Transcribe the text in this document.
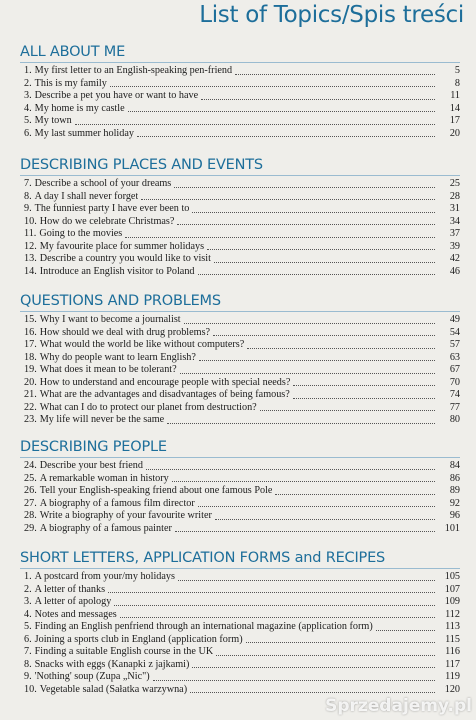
List of Topics/Spis treści
ALL ABOUT ME
1. My first letter to an English-speaking pen-friend	5
2. This is my family	8
3. Describe a pet you have or want to have	11
4. My home is my castle	14
5. My town	17
6. My last summer holiday	20
DESCRIBING PLACES AND EVENTS
7. Describe a school of your dreams	25
8. A day I shall never forget	28
9. The funniest party I have ever been to	31
10. How do we celebrate Christmas?	34
11. Going to the movies	37
12. My favourite place for summer holidays	39
13. Describe a country you would like to visit	42
14. Introduce an English visitor to Poland	46
QUESTIONS AND PROBLEMS
15. Why I want to become a journalist	49
16. How should we deal with drug problems?	54
17. What would the world be like without computers?	57
18. Why do people want to learn English?	63
19. What does it mean to be tolerant?	67
20. How to understand and encourage people with special needs?	70
21. What are the advantages and disadvantages of being famous?	74
22. What can I do to protect our planet from destruction?	77
23. My life will never be the same	80
DESCRIBING PEOPLE
24. Describe your best friend	84
25. A remarkable woman in history	86
26. Tell your English-speaking friend about one famous Pole	89
27. A biography of a famous film director	92
28. Write a biography of your favourite writer	96
29. A biography of a famous painter	101
SHORT LETTERS, APPLICATION FORMS and RECIPES
1. A postcard from your/my holidays	105
2. A letter of thanks	107
3. A letter of apology	109
4. Notes and messages	112
5. Finding an English penfriend through an international magazine (application form)	113
6. Joining a sports club in England (application form)	115
7. Finding a suitable English course in the UK	116
8. Snacks with eggs (Kanapki z jajkami)	117
9. 'Nothing' soup (Zupa „Nic")	119
10. Vegetable salad (Sałatka warzywna)	120
Sprzedajemy.pl
